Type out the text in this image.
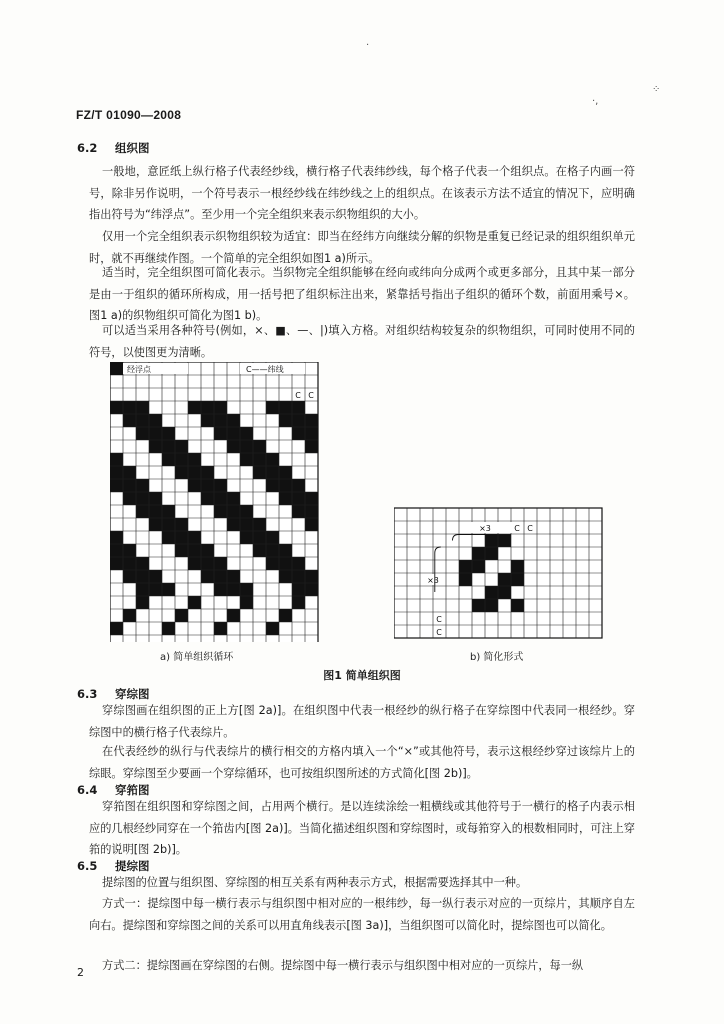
FZ/T 01090—2008
·
·,
⁘
6.2 组织图

一般地，意匠纸上纵行格子代表经纱线，横行格子代表纬纱线，每个格子代表一个组织点。在格子内画一符号，除非另作说明，一个符号表示一根经纱线在纬纱线之上的组织点。在该表示方法不适宜的情况下，应明确指出符号为“纬浮点”。至少用一个完全组织来表示织物组织的大小。

仅用一个完全组织表示织物组织较为适宜：即当在经纬方向继续分解的织物是重复已经记录的组织组织单元时，就不再继续作图。一个简单的完全组织如图1 a)所示。

适当时，完全组织图可简化表示。当织物完全组织能够在经向或纬向分成两个或更多部分，且其中某一部分是由一于组织的循环所构成，用一括号把了组织标注出来，紧靠括号指出子组织的循环个数，前面用乘号×。图1 a)的织物组织可简化为图1 b)。

可以适当采用各种符号(例如，×、■、—、|)填入方格。对组织结构较复杂的织物组织，可同时使用不同的符号，以使图更为清晰。

经浮点	C——纬线
C C
a) 简单组织循环
×3	C C
×3
C
C
b) 简化形式
图1 简单组织图
6.3 穿综图

穿综图画在组织图的正上方[图 2a)]。在组织图中代表一根经纱的纵行格子在穿综图中代表同一根经纱。穿综图中的横行格子代表综片。

在代表经纱的纵行与代表综片的横行相交的方格内填入一个“×”或其他符号，表示这根经纱穿过该综片上的综眼。穿综图至少要画一个穿综循环，也可按组织图所述的方式简化[图 2b)]。

6.4 穿筘图

穿筘图在组织图和穿综图之间，占用两个横行。是以连续涂绘一粗横线或其他符号于一横行的格子内表示相应的几根经纱同穿在一个筘齿内[图 2a)]。当简化描述组织图和穿综图时，或每筘穿入的根数相同时，可注上穿筘的说明[图 2b)]。

6.5 提综图

提综图的位置与组织图、穿综图的相互关系有两种表示方式，根据需要选择其中一种。

方式一：提综图中每一横行表示与组织图中相对应的一根纬纱，每一纵行表示对应的一页综片，其顺序自左向右。提综图和穿综图之间的关系可以用直角线表示[图 3a)]，当组织图可以简化时，提综图也可以简化。

方式二：提综图画在穿综图的右侧。提综图中每一横行表示与组织图中相对应的一页综片，每一纵

2
